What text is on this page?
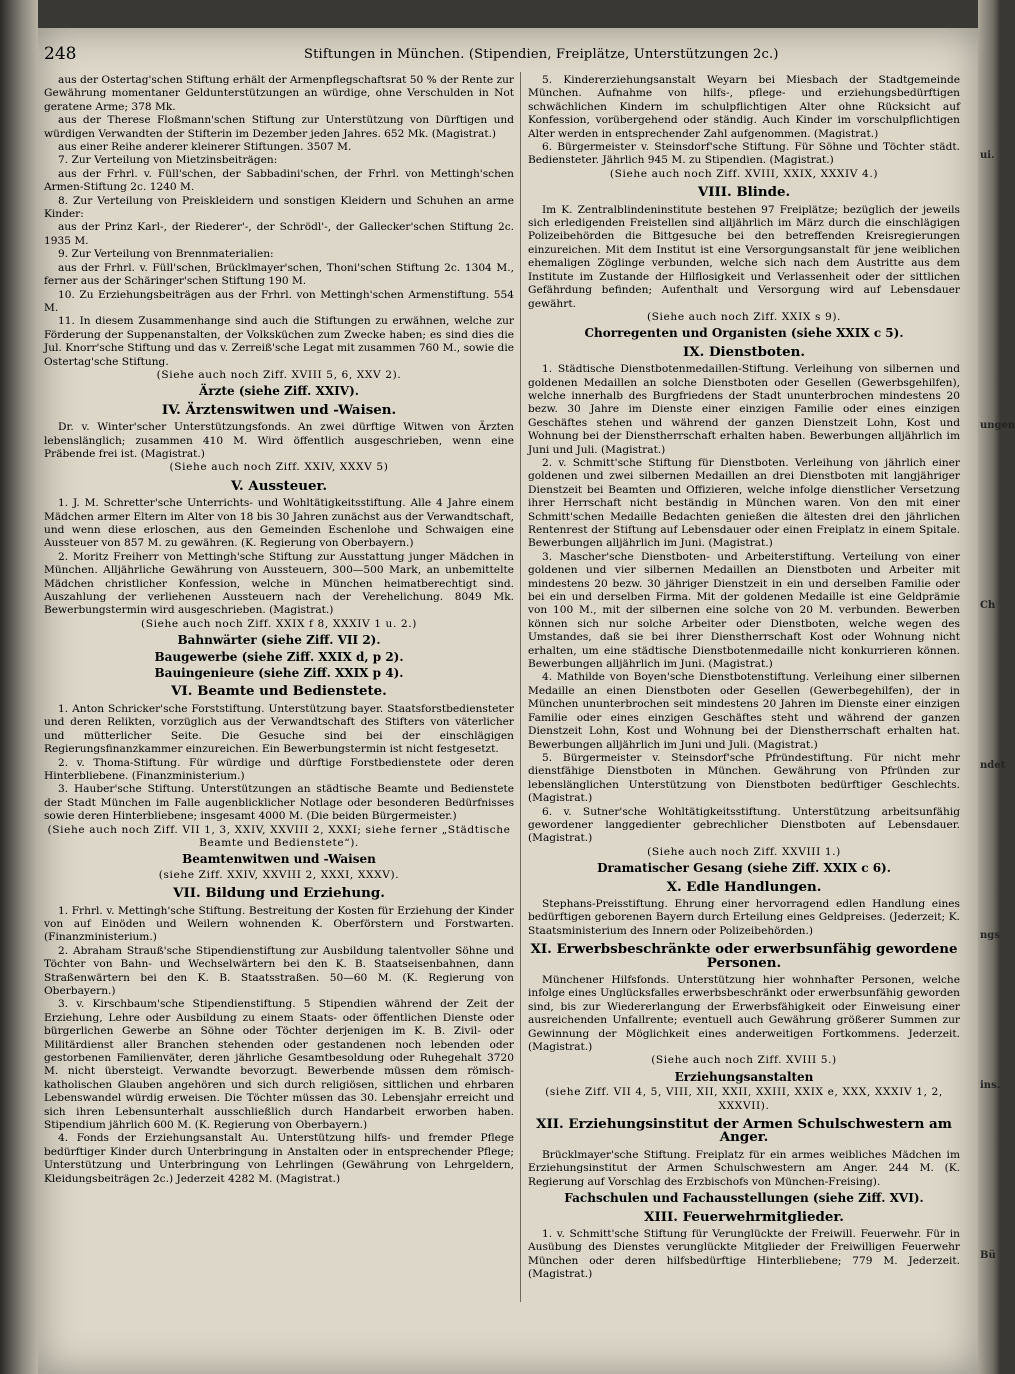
ui.
ungen
Ch
ndet
ngs
ins.
Bü
248	Stiftungen in München. (Stipendien, Freiplätze, Unterstützungen 2c.)

aus der Ostertag'schen Stiftung erhält der Armenpflegschaftsrat 50 % der Rente zur Gewährung momentaner Geldunterstützungen an würdige, ohne Verschulden in Not geratene Arme; 378 Mk.

aus der Therese Floßmann'schen Stiftung zur Unterstützung von Dürftigen und würdigen Verwandten der Stifterin im Dezember jeden Jahres. 652 Mk. (Magistrat.)

aus einer Reihe anderer kleinerer Stiftungen. 3507 M.

7. Zur Verteilung von Mietzinsbeiträgen:

aus der Frhrl. v. Füll'schen, der Sabbadini'schen, der Frhrl. von Mettingh'schen Armen-Stiftung 2c. 1240 M.

8. Zur Verteilung von Preiskleidern und sonstigen Kleidern und Schuhen an arme Kinder:

aus der Prinz Karl-, der Riederer'-, der Schrödl'-, der Gallecker'schen Stiftung 2c. 1935 M.

9. Zur Verteilung von Brennmaterialien:

aus der Frhrl. v. Füll'schen, Brücklmayer'schen, Thoni'schen Stiftung 2c. 1304 M., ferner aus der Schäringer'schen Stiftung 190 M.

10. Zu Erziehungsbeiträgen aus der Frhrl. von Mettingh'schen Armenstiftung. 554 M.

11. In diesem Zusammenhange sind auch die Stiftungen zu erwähnen, welche zur Förderung der Suppenanstalten, der Volksküchen zum Zwecke haben; es sind dies die Jul. Knorr'sche Stiftung und das v. Zerreiß'sche Legat mit zusammen 760 M., sowie die Ostertag'sche Stiftung.

(Siehe auch noch Ziff. XVIII 5, 6, XXV 2).

Ärzte (siehe Ziff. XXIV).
IV. Ärztenswitwen und -Waisen.

Dr. v. Winter'scher Unterstützungsfonds. An zwei dürftige Witwen von Ärzten lebenslänglich; zusammen 410 M. Wird öffentlich ausgeschrieben, wenn eine Präbende frei ist. (Magistrat.)

(Siehe auch noch Ziff. XXIV, XXXV 5)

V. Aussteuer.

1. J. M. Schretter'sche Unterrichts- und Wohltätigkeitsstiftung. Alle 4 Jahre einem Mädchen armer Eltern im Alter von 18 bis 30 Jahren zunächst aus der Verwandtschaft, und wenn diese erloschen, aus den Gemeinden Eschenlohe und Schwaigen eine Aussteuer von 857 M. zu gewähren. (K. Regierung von Oberbayern.)

2. Moritz Freiherr von Mettingh'sche Stiftung zur Ausstattung junger Mädchen in München. Alljährliche Gewährung von Aussteuern, 300—500 Mark, an unbemittelte Mädchen christlicher Konfession, welche in München heimatberechtigt sind. Auszahlung der verliehenen Aussteuern nach der Verehelichung. 8049 Mk. Bewerbungstermin wird ausgeschrieben. (Magistrat.)

(Siehe auch noch Ziff. XXIX f 8, XXXIV 1 u. 2.)

Bahnwärter (siehe Ziff. VII 2).
Baugewerbe (siehe Ziff. XXIX d, p 2).
Bauingenieure (siehe Ziff. XXIX p 4).
VI. Beamte und Bedienstete.

1. Anton Schricker'sche Forststiftung. Unterstützung bayer. Staatsforstbediensteter und deren Relikten, vorzüglich aus der Verwandtschaft des Stifters von väterlicher und mütterlicher Seite. Die Gesuche sind bei der einschlägigen Regierungsfinanzkammer einzureichen. Ein Bewerbungstermin ist nicht festgesetzt.

2. v. Thoma-Stiftung. Für würdige und dürftige Forstbedienstete oder deren Hinterbliebene. (Finanzministerium.)

3. Hauber'sche Stiftung. Unterstützungen an städtische Beamte und Bedienstete der Stadt München im Falle augenblicklicher Notlage oder besonderen Bedürfnisses sowie deren Hinterbliebene; insgesamt 4000 M. (Die beiden Bürgermeister.)

(Siehe auch noch Ziff. VII 1, 3, XXIV, XXVIII 2, XXXI; siehe ferner „Städtische Beamte und Bedienstete“).

Beamtenwitwen und -Waisen

(siehe Ziff. XXIV, XXVIII 2, XXXI, XXXV).

VII. Bildung und Erziehung.

1. Frhrl. v. Mettingh'sche Stiftung. Bestreitung der Kosten für Erziehung der Kinder von auf Einöden und Weilern wohnenden K. Oberförstern und Forstwarten. (Finanzministerium.)

2. Abraham Strauß'sche Stipendienstiftung zur Ausbildung talentvoller Söhne und Töchter von Bahn- und Wechselwärtern bei den K. B. Staatseisenbahnen, dann Straßenwärtern bei den K. B. Staatsstraßen. 50—60 M. (K. Regierung von Oberbayern.)

3. v. Kirschbaum'sche Stipendienstiftung. 5 Stipendien während der Zeit der Erziehung, Lehre oder Ausbildung zu einem Staats- oder öffentlichen Dienste oder bürgerlichen Gewerbe an Söhne oder Töchter derjenigen im K. B. Zivil- oder Militärdienst aller Branchen stehenden oder gestandenen noch lebenden oder gestorbenen Familienväter, deren jährliche Gesamtbesoldung oder Ruhegehalt 3720 M. nicht übersteigt. Verwandte bevorzugt. Bewerbende müssen dem römisch-katholischen Glauben angehören und sich durch religiösen, sittlichen und ehrbaren Lebenswandel würdig erweisen. Die Töchter müssen das 30. Lebensjahr erreicht und sich ihren Lebensunterhalt ausschließlich durch Handarbeit erworben haben. Stipendium jährlich 600 M. (K. Regierung von Oberbayern.)

4. Fonds der Erziehungsanstalt Au. Unterstützung hilfs- und fremder Pflege bedürftiger Kinder durch Unterbringung in Anstalten oder in entsprechender Pflege; Unterstützung und Unterbringung von Lehrlingen (Gewährung von Lehrgeldern, Kleidungsbeiträgen 2c.) Jederzeit 4282 M. (Magistrat.)

5. Kindererziehungsanstalt Weyarn bei Miesbach der Stadtgemeinde München. Aufnahme von hilfs-, pflege- und erziehungsbedürftigen schwächlichen Kindern im schulpflichtigen Alter ohne Rücksicht auf Konfession, vorübergehend oder ständig. Auch Kinder im vorschulpflichtigen Alter werden in entsprechender Zahl aufgenommen. (Magistrat.)

6. Bürgermeister v. Steinsdorf'sche Stiftung. Für Söhne und Töchter städt. Bediensteter. Jährlich 945 M. zu Stipendien. (Magistrat.)

(Siehe auch noch Ziff. XVIII, XXIX, XXXIV 4.)

VIII. Blinde.

Im K. Zentralblindeninstitute bestehen 97 Freiplätze; bezüglich der jeweils sich erledigenden Freistellen sind alljährlich im März durch die einschlägigen Polizeibehörden die Bittgesuche bei den betreffenden Kreisregierungen einzureichen. Mit dem Institut ist eine Versorgungsanstalt für jene weiblichen ehemaligen Zöglinge verbunden, welche sich nach dem Austritte aus dem Institute im Zustande der Hilflosigkeit und Verlassenheit oder der sittlichen Gefährdung befinden; Aufenthalt und Versorgung wird auf Lebensdauer gewährt.

(Siehe auch noch Ziff. XXIX s 9).

Chorregenten und Organisten (siehe XXIX c 5).
IX. Dienstboten.

1. Städtische Dienstbotenmedaillen-Stiftung. Verleihung von silbernen und goldenen Medaillen an solche Dienstboten oder Gesellen (Gewerbsgehilfen), welche innerhalb des Burgfriedens der Stadt ununterbrochen mindestens 20 bezw. 30 Jahre im Dienste einer einzigen Familie oder eines einzigen Geschäftes stehen und während der ganzen Dienstzeit Lohn, Kost und Wohnung bei der Dienstherrschaft erhalten haben. Bewerbungen alljährlich im Juni und Juli. (Magistrat.)

2. v. Schmitt'sche Stiftung für Dienstboten. Verleihung von jährlich einer goldenen und zwei silbernen Medaillen an drei Dienstboten mit langjähriger Dienstzeit bei Beamten und Offizieren, welche infolge dienstlicher Versetzung ihrer Herrschaft nicht beständig in München waren. Von den mit einer Schmitt'schen Medaille Bedachten genießen die ältesten drei den jährlichen Rentenrest der Stiftung auf Lebensdauer oder einen Freiplatz in einem Spitale. Bewerbungen alljährlich im Juni. (Magistrat.)

3. Mascher'sche Dienstboten- und Arbeiterstiftung. Verteilung von einer goldenen und vier silbernen Medaillen an Dienstboten und Arbeiter mit mindestens 20 bezw. 30 jähriger Dienstzeit in ein und derselben Familie oder bei ein und derselben Firma. Mit der goldenen Medaille ist eine Geldprämie von 100 M., mit der silbernen eine solche von 20 M. verbunden. Bewerben können sich nur solche Arbeiter oder Dienstboten, welche wegen des Umstandes, daß sie bei ihrer Dienstherrschaft Kost oder Wohnung nicht erhalten, um eine städtische Dienstbotenmedaille nicht konkurrieren können. Bewerbungen alljährlich im Juni. (Magistrat.)

4. Mathilde von Boyen'sche Dienstbotenstiftung. Verleihung einer silbernen Medaille an einen Dienstboten oder Gesellen (Gewerbegehilfen), der in München ununterbrochen seit mindestens 20 Jahren im Dienste einer einzigen Familie oder eines einzigen Geschäftes steht und während der ganzen Dienstzeit Lohn, Kost und Wohnung bei der Dienstherrschaft erhalten hat. Bewerbungen alljährlich im Juni und Juli. (Magistrat.)

5. Bürgermeister v. Steinsdorf'sche Pfründestiftung. Für nicht mehr dienstfähige Dienstboten in München. Gewährung von Pfründen zur lebenslänglichen Unterstützung von Dienstboten bedürftiger Geschlechts. (Magistrat.)

6. v. Sutner'sche Wohltätigkeitsstiftung. Unterstützung arbeitsunfähig gewordener langgedienter gebrechlicher Dienstboten auf Lebensdauer. (Magistrat.)

(Siehe auch noch Ziff. XXVIII 1.)

Dramatischer Gesang (siehe Ziff. XXIX c 6).
X. Edle Handlungen.

Stephans-Preisstiftung. Ehrung einer hervorragend edlen Handlung eines bedürftigen geborenen Bayern durch Erteilung eines Geldpreises. (Jederzeit; K. Staatsministerium des Innern oder Polizeibehörden.)

XI. Erwerbsbeschränkte oder erwerbsunfähig gewordene Personen.

Münchener Hilfsfonds. Unterstützung hier wohnhafter Personen, welche infolge eines Unglücksfalles erwerbsbeschränkt oder erwerbsunfähig geworden sind, bis zur Wiedererlangung der Erwerbsfähigkeit oder Einweisung einer ausreichenden Unfallrente; eventuell auch Gewährung größerer Summen zur Gewinnung der Möglichkeit eines anderweitigen Fortkommens. Jederzeit. (Magistrat.)

(Siehe auch noch Ziff. XVIII 5.)

Erziehungsanstalten

(siehe Ziff. VII 4, 5, VIII, XII, XXII, XXIII, XXIX e, XXX, XXXIV 1, 2, XXXVII).

XII. Erziehungsinstitut der Armen Schulschwestern am Anger.

Brücklmayer'sche Stiftung. Freiplatz für ein armes weibliches Mädchen im Erziehungsinstitut der Armen Schulschwestern am Anger. 244 M. (K. Regierung auf Vorschlag des Erzbischofs von München-Freising).

Fachschulen und Fachausstellungen (siehe Ziff. XVI).
XIII. Feuerwehrmitglieder.

1. v. Schmitt'sche Stiftung für Verunglückte der Freiwill. Feuerwehr. Für in Ausübung des Dienstes verunglückte Mitglieder der Freiwilligen Feuerwehr München oder deren hilfsbedürftige Hinterbliebene; 779 M. Jederzeit. (Magistrat.)
